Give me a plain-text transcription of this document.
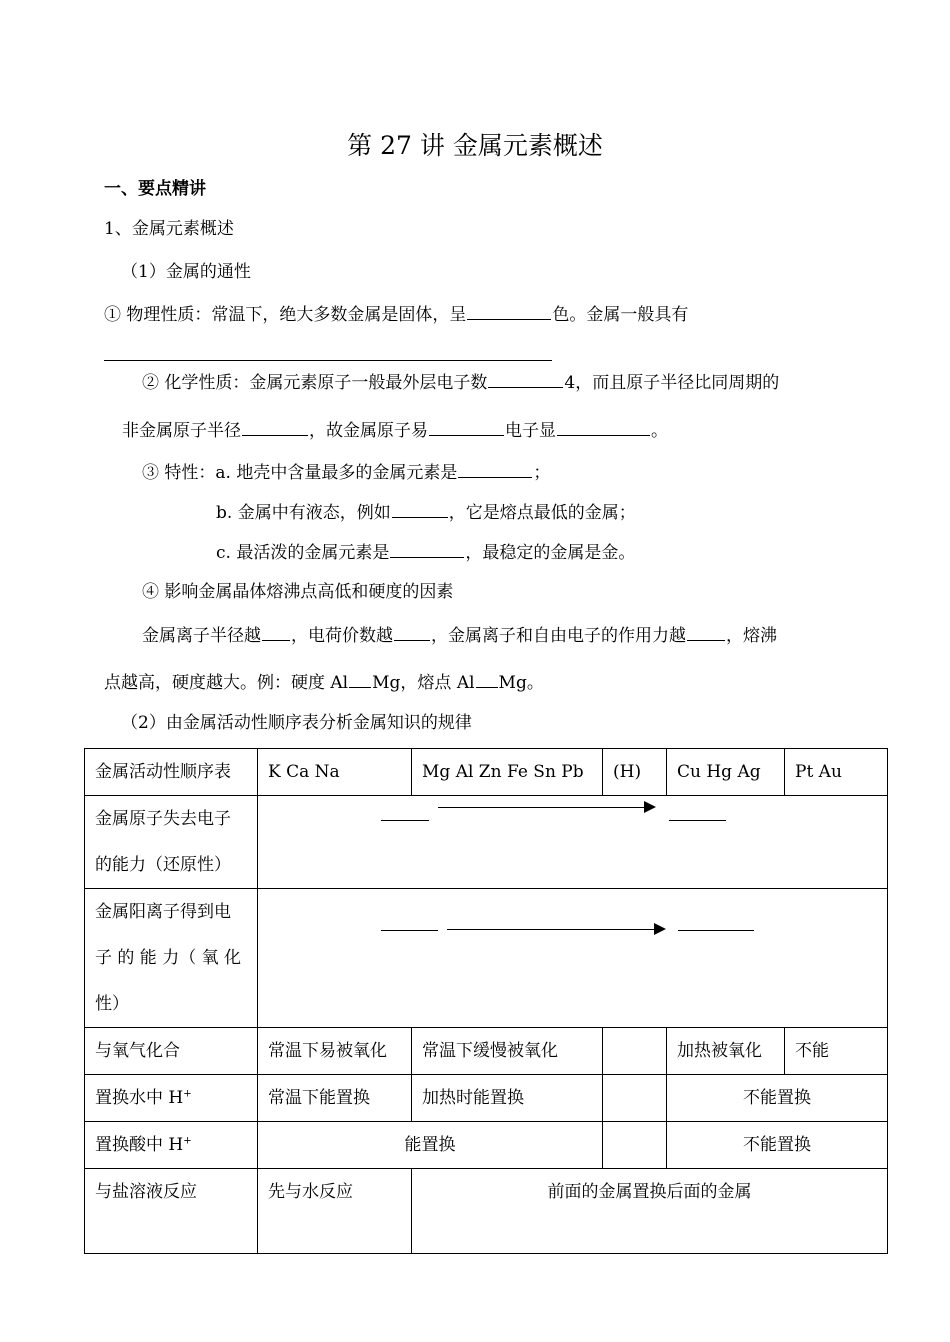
第 27 讲 金属元素概述
一、要点精讲
1、金属元素概述
（1）金属的通性
① 物理性质：常温下，绝大多数金属是固体，呈	色。金属一般具有
② 化学性质：金属元素原子一般最外层电子数	4，而且原子半径比同周期的
非金属原子半径	，故金属原子易	电子显	。
③ 特性：a. 地壳中含量最多的金属元素是	；
b. 金属中有液态，例如	，它是熔点最低的金属；
c. 最活泼的金属元素是	，最稳定的金属是金。
④ 影响金属晶体熔沸点高低和硬度的因素
金属离子半径越 ，电荷价数越 ，金属离子和自由电子的作用力越 ，熔沸
点越高，硬度越大。例：硬度 Al Mg，熔点 Al Mg。
（2）由金属活动性顺序表分析金属知识的规律
金属活动性顺序表	K Ca Na	Mg Al Zn Fe Sn Pb	(H)	Cu Hg Ag	Pt Au

金属原子失去电子
的能力（还原性）					

金属阳离子得到电
子 的 能 力（ 氧 化
性）					

与氧气化合	常温下易被氧化	常温下缓慢被氧化		加热被氧化	不能
置换水中 H+	常温下能置换	加热时能置换		不能置换	
置换酸中 H+	能置换			不能置换	
与盐溶液反应	先与水反应	前面的金属置换后面的金属			
